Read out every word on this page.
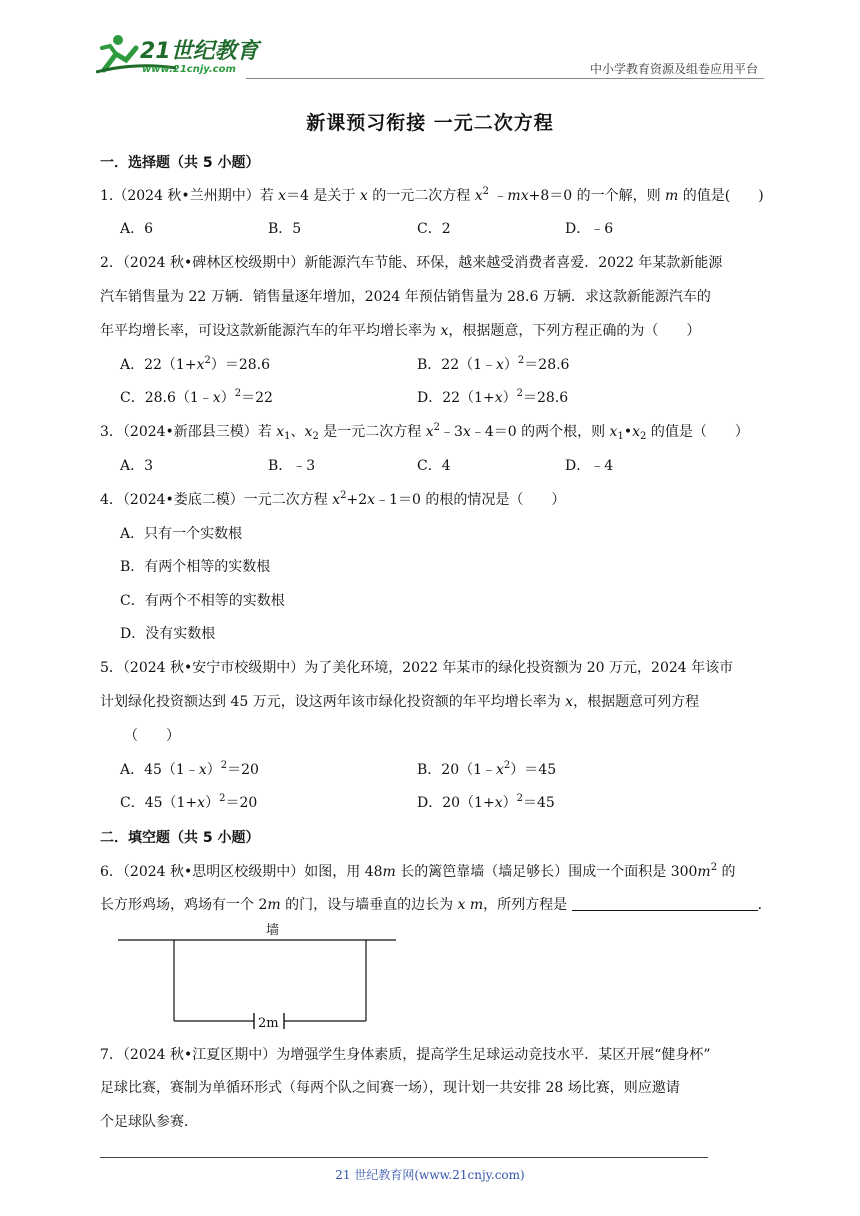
21世纪教育
www.21cnjy.com	中小学教育资源及组卷应用平台
新课预习衔接 一元二次方程
一．选择题（共 5 小题）
1.（2024 秋•兰州期中）若 x＝4 是关于 x 的一元二次方程 $x^2$ ﹣mx+8＝0 的一个解，则 m 的值是(　　)
A．6	B．5	C．2	D．﹣6
2．（2024 秋•碑林区校级期中）新能源汽车节能、环保，越来越受消费者喜爱．2022 年某款新能源
汽车销售量为 22 万辆．销售量逐年增加，2024 年预估销售量为 28.6 万辆．求这款新能源汽车的
年平均增长率，可设这款新能源汽车的年平均增长率为 x，根据题意，下列方程正确的为（　　）
A．$22(1+x^2)=28.6$	B．22（1﹣x）$^2$＝28.6
C．28.6（1﹣x）$^2$＝22	D．$22(1+x)^2=28.6$
3．（2024•新邵县三模）若 $x_1$、$x_2$ 是一元二次方程 $x^2﹣3x﹣4=0$ 的两个根，则 $x_1•x_2$ 的值是（　　）
A．3	B．﹣3	C．4	D．﹣4
4．（2024•娄底二模）一元二次方程 $x^2+2x﹣1=0$ 的根的情况是（　　）
A．只有一个实数根
B．有两个相等的实数根
C．有两个不相等的实数根
D．没有实数根
5．（2024 秋•安宁市校级期中）为了美化环境，2022 年某市的绿化投资额为 20 万元，2024 年该市
计划绿化投资额达到 45 万元，设这两年该市绿化投资额的年平均增长率为 x，根据题意可列方程
（　　）
A．45（1﹣x）$^2$＝20	B．$20(1﹣x^2)=45$
C．$45(1+x)^2=20$	D．$20(1+x)^2=45$
二．填空题（共 5 小题）
6．（2024 秋•思明区校级期中）如图，用 48m 长的篱笆靠墙（墙足够长）围成一个面积是 $300m^2$ 的
长方形鸡场，鸡场有一个 2m 的门，设与墙垂直的边长为 x m，所列方程是	．
墙
2m
7．（2024 秋•江夏区期中）为增强学生身体素质，提高学生足球运动竞技水平．某区开展“健身杯”
足球比赛，赛制为单循环形式（每两个队之间赛一场），现计划一共安排 28 场比赛，则应邀请
个足球队参赛．
21 世纪教育网(www.21cnjy.com)
